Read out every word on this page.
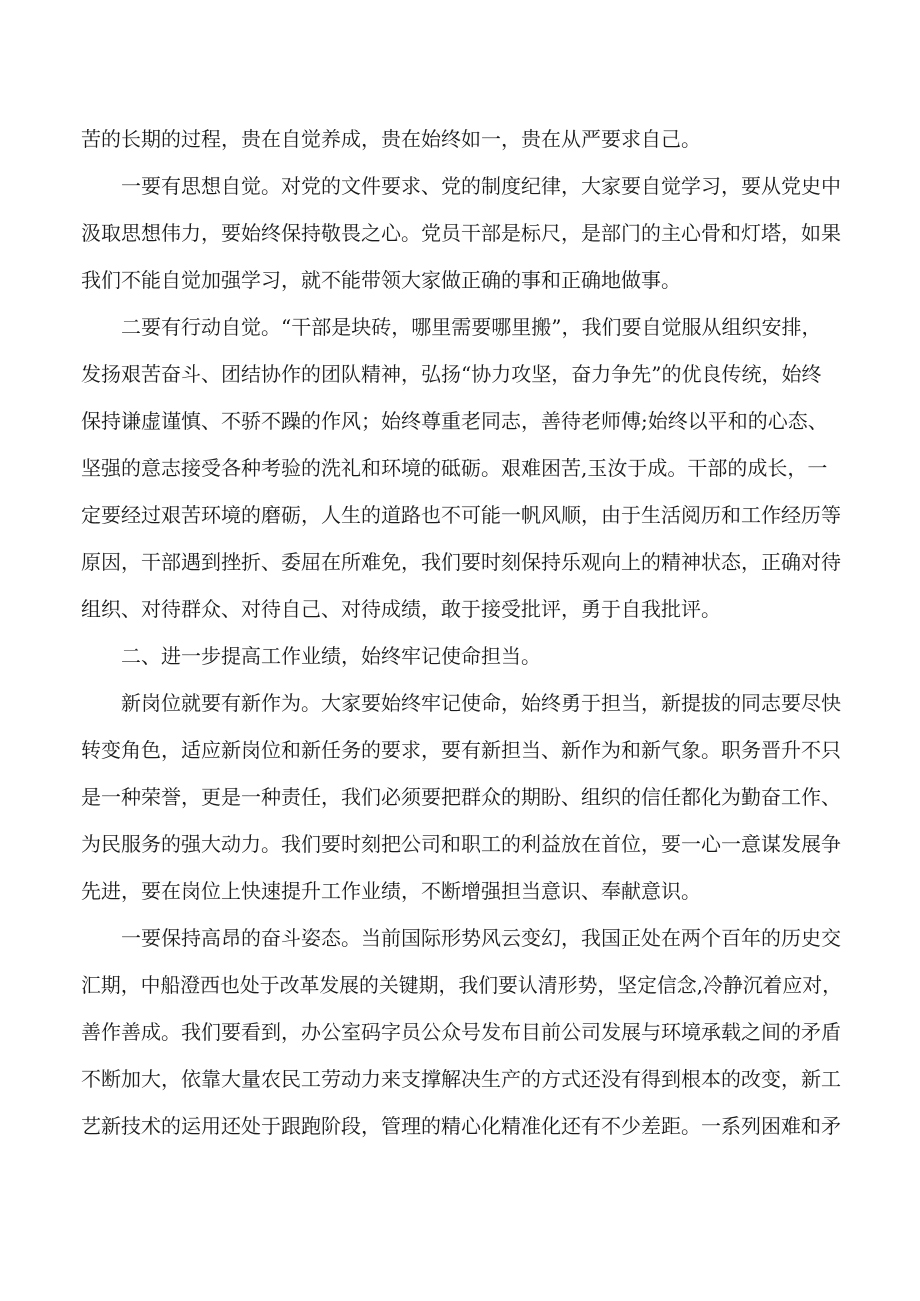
苦的长期的过程，贵在自觉养成，贵在始终如一，贵在从严要求自己。
一要有思想自觉。对党的文件要求、党的制度纪律，大家要自觉学习，要从党史中
汲取思想伟力，要始终保持敬畏之心。党员干部是标尺，是部门的主心骨和灯塔，如果
我们不能自觉加强学习，就不能带领大家做正确的事和正确地做事。
二要有行动自觉。“干部是块砖，哪里需要哪里搬”，我们要自觉服从组织安排，
发扬艰苦奋斗、团结协作的团队精神，弘扬“协力攻坚，奋力争先”的优良传统，始终
保持谦虚谨慎、不骄不躁的作风；始终尊重老同志，善待老师傅;始终以平和的心态、
坚强的意志接受各种考验的洗礼和环境的砥砺。艰难困苦,玉汝于成。干部的成长，一
定要经过艰苦环境的磨砺，人生的道路也不可能一帆风顺，由于生活阅历和工作经历等
原因，干部遇到挫折、委屈在所难免，我们要时刻保持乐观向上的精神状态，正确对待
组织、对待群众、对待自己、对待成绩，敢于接受批评，勇于自我批评。
二、进一步提高工作业绩，始终牢记使命担当。
新岗位就要有新作为。大家要始终牢记使命，始终勇于担当，新提拔的同志要尽快
转变角色，适应新岗位和新任务的要求，要有新担当、新作为和新气象。职务晋升不只
是一种荣誉，更是一种责任，我们必须要把群众的期盼、组织的信任都化为勤奋工作、
为民服务的强大动力。我们要时刻把公司和职工的利益放在首位，要一心一意谋发展争
先进，要在岗位上快速提升工作业绩，不断增强担当意识、奉献意识。
一要保持高昂的奋斗姿态。当前国际形势风云变幻，我国正处在两个百年的历史交
汇期，中船澄西也处于改革发展的关键期，我们要认清形势，坚定信念,冷静沉着应对，
善作善成。我们要看到，办公室码字员公众号发布目前公司发展与环境承载之间的矛盾
不断加大，依靠大量农民工劳动力来支撑解决生产的方式还没有得到根本的改变，新工
艺新技术的运用还处于跟跑阶段，管理的精心化精准化还有不少差距。一系列困难和矛
